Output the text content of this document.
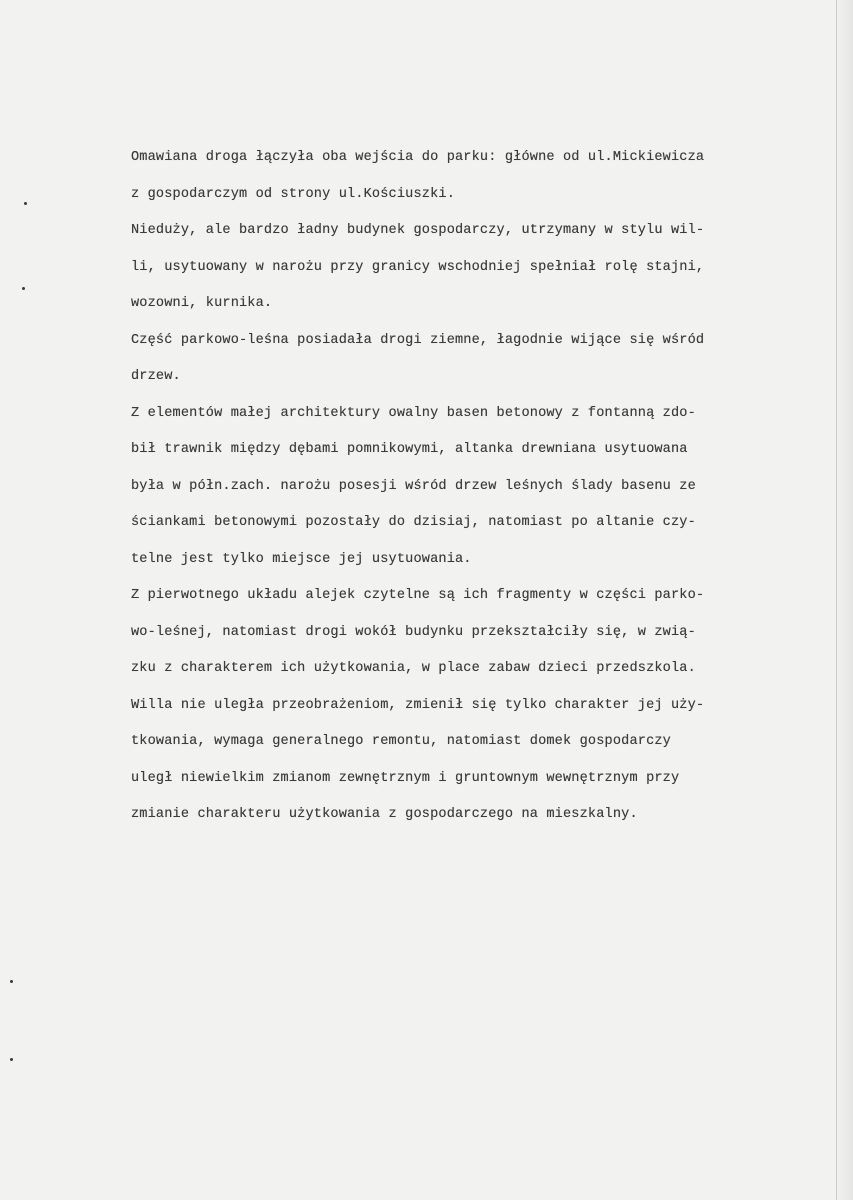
Omawiana droga łączyła oba wejścia do parku: główne od ul.Mickiewicza
z gospodarczym od strony ul.Kościuszki.
Nieduży, ale bardzo ładny budynek gospodarczy, utrzymany w stylu wil-
li, usytuowany w narożu przy granicy wschodniej spełniał rolę stajni,
wozowni, kurnika.
Część parkowo-leśna posiadała drogi ziemne, łagodnie wijące się wśród
drzew.
Z elementów małej architektury owalny basen betonowy z fontanną zdo-
bił trawnik między dębami pomnikowymi, altanka drewniana usytuowana
była w półn.zach. narożu posesji wśród drzew leśnych ślady basenu ze
ściankami betonowymi pozostały do dzisiaj, natomiast po altanie czy-
telne jest tylko miejsce jej usytuowania.
Z pierwotnego układu alejek czytelne są ich fragmenty w części parko-
wo-leśnej, natomiast drogi wokół budynku przekształciły się, w zwią-
zku z charakterem ich użytkowania, w place zabaw dzieci przedszkola.
Willa nie uległa przeobrażeniom, zmienił się tylko charakter jej uży-
tkowania, wymaga generalnego remontu, natomiast domek gospodarczy
uległ niewielkim zmianom zewnętrznym i gruntownym wewnętrznym przy
zmianie charakteru użytkowania z gospodarczego na mieszkalny.
